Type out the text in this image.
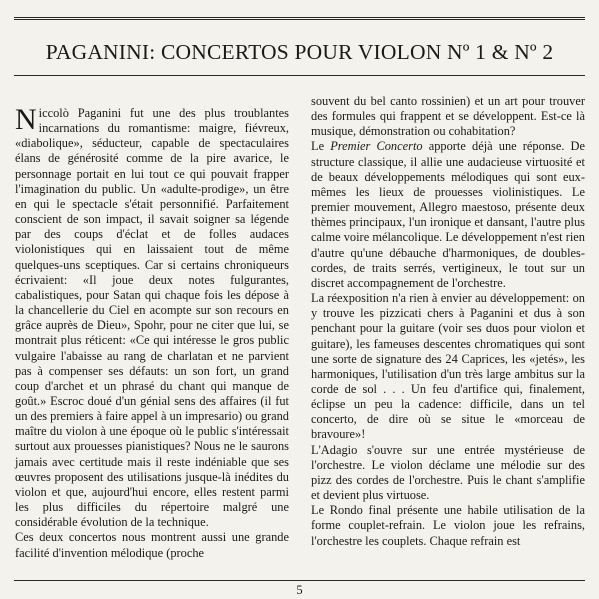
PAGANINI: CONCERTOS POUR VIOLON Nº 1 & Nº 2

Niccolò Paganini fut une des plus troublantes incarnations du romantisme: maigre, fiévreux, «diabolique», séducteur, capable de spectaculaires élans de générosité comme de la pire avarice, le personnage portait en lui tout ce qui pouvait frapper l'imagination du public. Un «adulte-prodige», un être en qui le spectacle s'était personnifié. Parfaitement conscient de son impact, il savait soigner sa légende par des coups d'éclat et de folles audaces violonistiques qui en laissaient tout de même quelques-uns sceptiques. Car si certains chroniqueurs écrivaient: «Il joue deux notes fulgurantes, cabalistiques, pour Satan qui chaque fois les dépose à la chancellerie du Ciel en acompte sur son recours en grâce auprès de Dieu», Spohr, pour ne citer que lui, se montrait plus réticent: «Ce qui intéresse le gros public vulgaire l'abaisse au rang de charlatan et ne parvient pas à compenser ses défauts: un son fort, un grand coup d'archet et un phrasé du chant qui manque de goût.» Escroc doué d'un génial sens des affaires (il fut un des premiers à faire appel à un impresario) ou grand maître du violon à une époque où le public s'intéressait surtout aux prouesses pianistiques? Nous ne le saurons jamais avec certitude mais il reste indéniable que ses œuvres proposent des utilisations jusque-là inédites du violon et que, aujourd'hui encore, elles restent parmi les plus difficiles du répertoire malgré une considérable évolution de la technique.

Ces deux concertos nous montrent aussi une grande facilité d'invention mélodique (proche

souvent du bel canto rossinien) et un art pour trouver des formules qui frappent et se développent. Est-ce là musique, démonstration ou cohabitation?

Le Premier Concerto apporte déjà une réponse. De structure classique, il allie une audacieuse virtuosité et de beaux développements mélodiques qui sont eux-mêmes les lieux de prouesses violinistiques. Le premier mouvement, Allegro maestoso, présente deux thèmes principaux, l'un ironique et dansant, l'autre plus calme voire mélancolique. Le développement n'est rien d'autre qu'une débauche d'harmoniques, de doubles-cordes, de traits serrés, vertigineux, le tout sur un discret accompagnement de l'orchestre.

La réexposition n'a rien à envier au développement: on y trouve les pizzicati chers à Paganini et dus à son penchant pour la guitare (voir ses duos pour violon et guitare), les fameuses descentes chromatiques qui sont une sorte de signature des 24 Caprices, les «jetés», les harmoniques, l'utilisation d'un très large ambitus sur la corde de sol . . . Un feu d'artifice qui, finalement, éclipse un peu la cadence: difficile, dans un tel concerto, de dire où se situe le «morceau de bravoure»!

L'Adagio s'ouvre sur une entrée mystérieuse de l'orchestre. Le violon déclame une mélodie sur des pizz des cordes de l'orchestre. Puis le chant s'amplifie et devient plus virtuose.

Le Rondo final présente une habile utilisation de la forme couplet-refrain. Le violon joue les refrains, l'orchestre les couplets. Chaque refrain est

5
